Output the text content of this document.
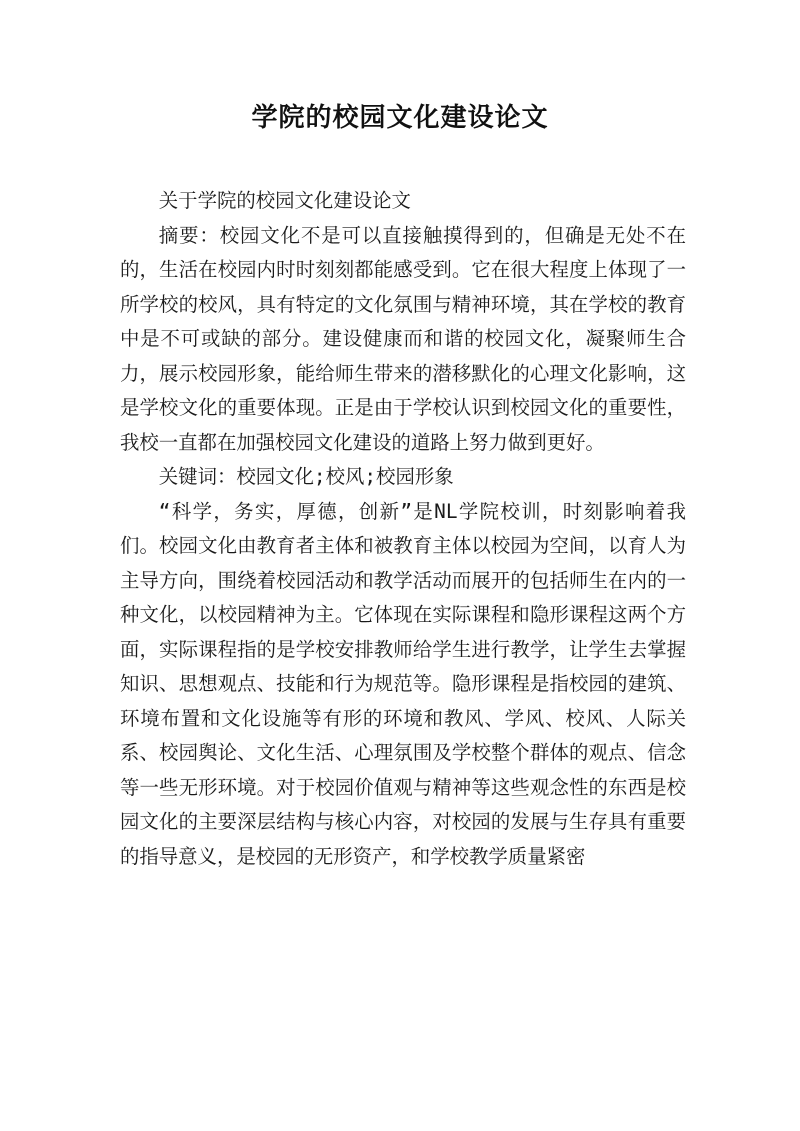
学院的校园文化建设论文

关于学院的校园文化建设论文

摘要：校园文化不是可以直接触摸得到的，但确是无处不在的，生活在校园内时时刻刻都能感受到。它在很大程度上体现了一所学校的校风，具有特定的文化氛围与精神环境，其在学校的教育中是不可或缺的部分。建设健康而和谐的校园文化，凝聚师生合力，展示校园形象，能给师生带来的潜移默化的心理文化影响，这是学校文化的重要体现。正是由于学校认识到校园文化的重要性，我校一直都在加强校园文化建设的道路上努力做到更好。

关键词：校园文化;校风;校园形象

“科学，务实，厚德，创新”是NL学院校训，时刻影响着我们。校园文化由教育者主体和被教育主体以校园为空间，以育人为主导方向，围绕着校园活动和教学活动而展开的包括师生在内的一种文化，以校园精神为主。它体现在实际课程和隐形课程这两个方面，实际课程指的是学校安排教师给学生进行教学，让学生去掌握知识、思想观点、技能和行为规范等。隐形课程是指校园的建筑、环境布置和文化设施等有形的环境和教风、学风、校风、人际关系、校园舆论、文化生活、心理氛围及学校整个群体的观点、信念等一些无形环境。对于校园价值观与精神等这些观念性的东西是校园文化的主要深层结构与核心内容，对校园的发展与生存具有重要的指导意义，是校园的无形资产，和学校教学质量紧密
